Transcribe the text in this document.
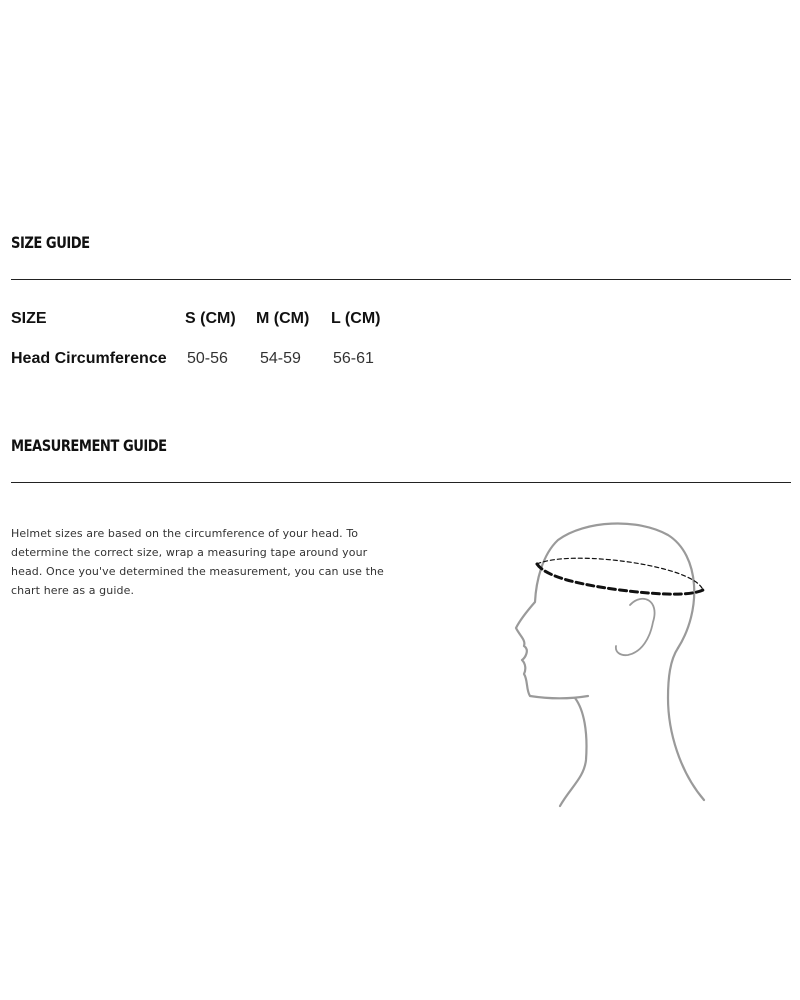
SIZE GUIDE
SIZE	S (CM)	M (CM)	L (CM)
Head Circumference	50-56	54-59	56-61
MEASUREMENT GUIDE

Helmet sizes are based on the circumference of your head. To determine the correct size, wrap a measuring tape around your head. Once you've determined the measurement, you can use the chart here as a guide.
